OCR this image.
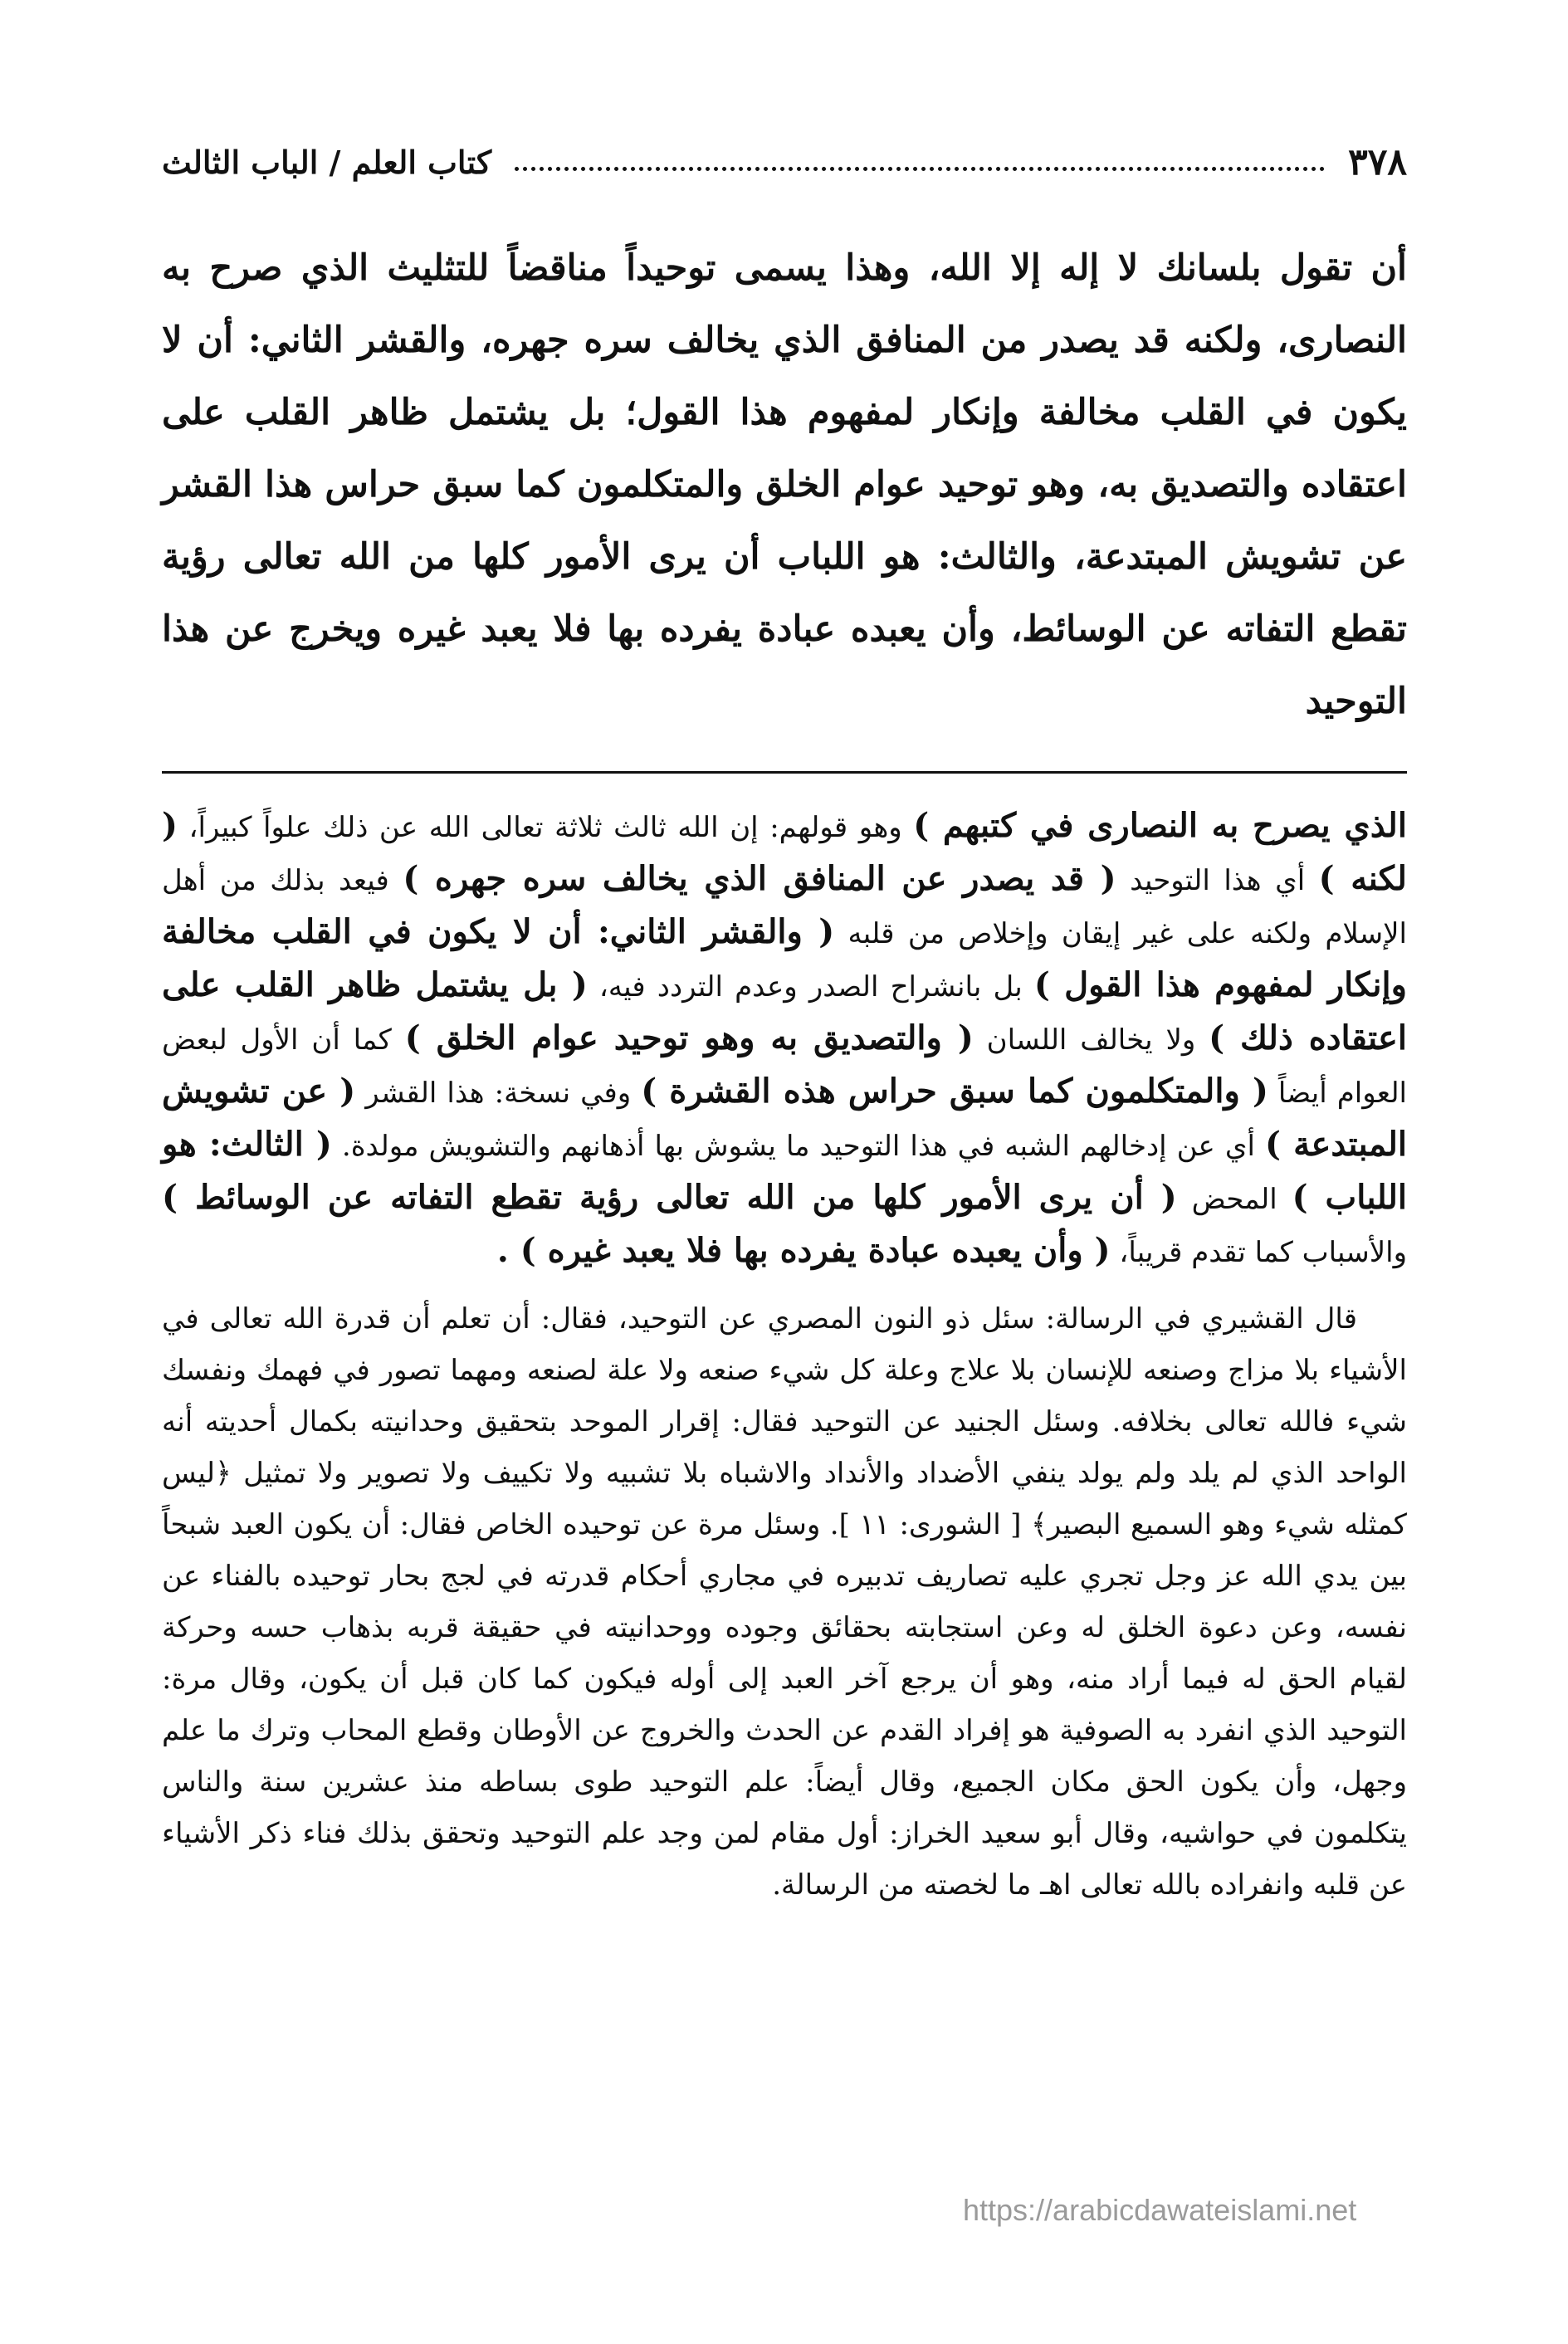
٣٧٨
كتاب العلم / الباب الثالث

أن تقول بلسانك لا إله إلا الله، وهذا يسمى توحيداً مناقضاً للتثليث الذي صرح به النصارى، ولكنه قد يصدر من المنافق الذي يخالف سره جهره، والقشر الثاني: أن لا يكون في القلب مخالفة وإنكار لمفهوم هذا القول؛ بل يشتمل ظاهر القلب على اعتقاده والتصديق به، وهو توحيد عوام الخلق والمتكلمون كما سبق حراس هذا القشر عن تشويش المبتدعة، والثالث: هو اللباب أن يرى الأمور كلها من الله تعالى رؤية تقطع التفاته عن الوسائط، وأن يعبده عبادة يفرده بها فلا يعبد غيره ويخرج عن هذا التوحيد

الذي يصرح به النصارى في كتبهم ) وهو قولهم: إن الله ثالث ثلاثة تعالى الله عن ذلك علواً كبيراً، ( لكنه ) أي هذا التوحيد ( قد يصدر عن المنافق الذي يخالف سره جهره ) فيعد بذلك من أهل الإسلام ولكنه على غير إيقان وإخلاص من قلبه ( والقشر الثاني: أن لا يكون في القلب مخالفة وإنكار لمفهوم هذا القول ) بل بانشراح الصدر وعدم التردد فيه، ( بل يشتمل ظاهر القلب على اعتقاده ذلك ) ولا يخالف اللسان ( والتصديق به وهو توحيد عوام الخلق ) كما أن الأول لبعض العوام أيضاً ( والمتكلمون كما سبق حراس هذه القشرة ) وفي نسخة: هذا القشر ( عن تشويش المبتدعة ) أي عن إدخالهم الشبه في هذا التوحيد ما يشوش بها أذهانهم والتشويش مولدة. ( الثالث: هو اللباب ) المحض ( أن يرى الأمور كلها من الله تعالى رؤية تقطع التفاته عن الوسائط ) والأسباب كما تقدم قريباً، ( وأن يعبده عبادة يفرده بها فلا يعبد غيره ) .

قال القشيري في الرسالة: سئل ذو النون المصري عن التوحيد، فقال: أن تعلم أن قدرة الله تعالى في الأشياء بلا مزاج وصنعه للإنسان بلا علاج وعلة كل شيء صنعه ولا علة لصنعه ومهما تصور في فهمك ونفسك شيء فالله تعالى بخلافه. وسئل الجنيد عن التوحيد فقال: إقرار الموحد بتحقيق وحدانيته بكمال أحديته أنه الواحد الذي لم يلد ولم يولد ينفي الأضداد والأنداد والاشباه بلا تشبيه ولا تكييف ولا تصوير ولا تمثيل ﴿ليس كمثله شيء وهو السميع البصير﴾ [ الشورى: ١١ ]. وسئل مرة عن توحيده الخاص فقال: أن يكون العبد شبحاً بين يدي الله عز وجل تجري عليه تصاريف تدبيره في مجاري أحكام قدرته في لجج بحار توحيده بالفناء عن نفسه، وعن دعوة الخلق له وعن استجابته بحقائق وجوده ووحدانيته في حقيقة قربه بذهاب حسه وحركة لقيام الحق له فيما أراد منه، وهو أن يرجع آخر العبد إلى أوله فيكون كما كان قبل أن يكون، وقال مرة: التوحيد الذي انفرد به الصوفية هو إفراد القدم عن الحدث والخروج عن الأوطان وقطع المحاب وترك ما علم وجهل، وأن يكون الحق مكان الجميع، وقال أيضاً: علم التوحيد طوى بساطه منذ عشرين سنة والناس يتكلمون في حواشيه، وقال أبو سعيد الخراز: أول مقام لمن وجد علم التوحيد وتحقق بذلك فناء ذكر الأشياء عن قلبه وانفراده بالله تعالى اهـ ما لخصته من الرسالة.

https://arabicdawateislami.net
